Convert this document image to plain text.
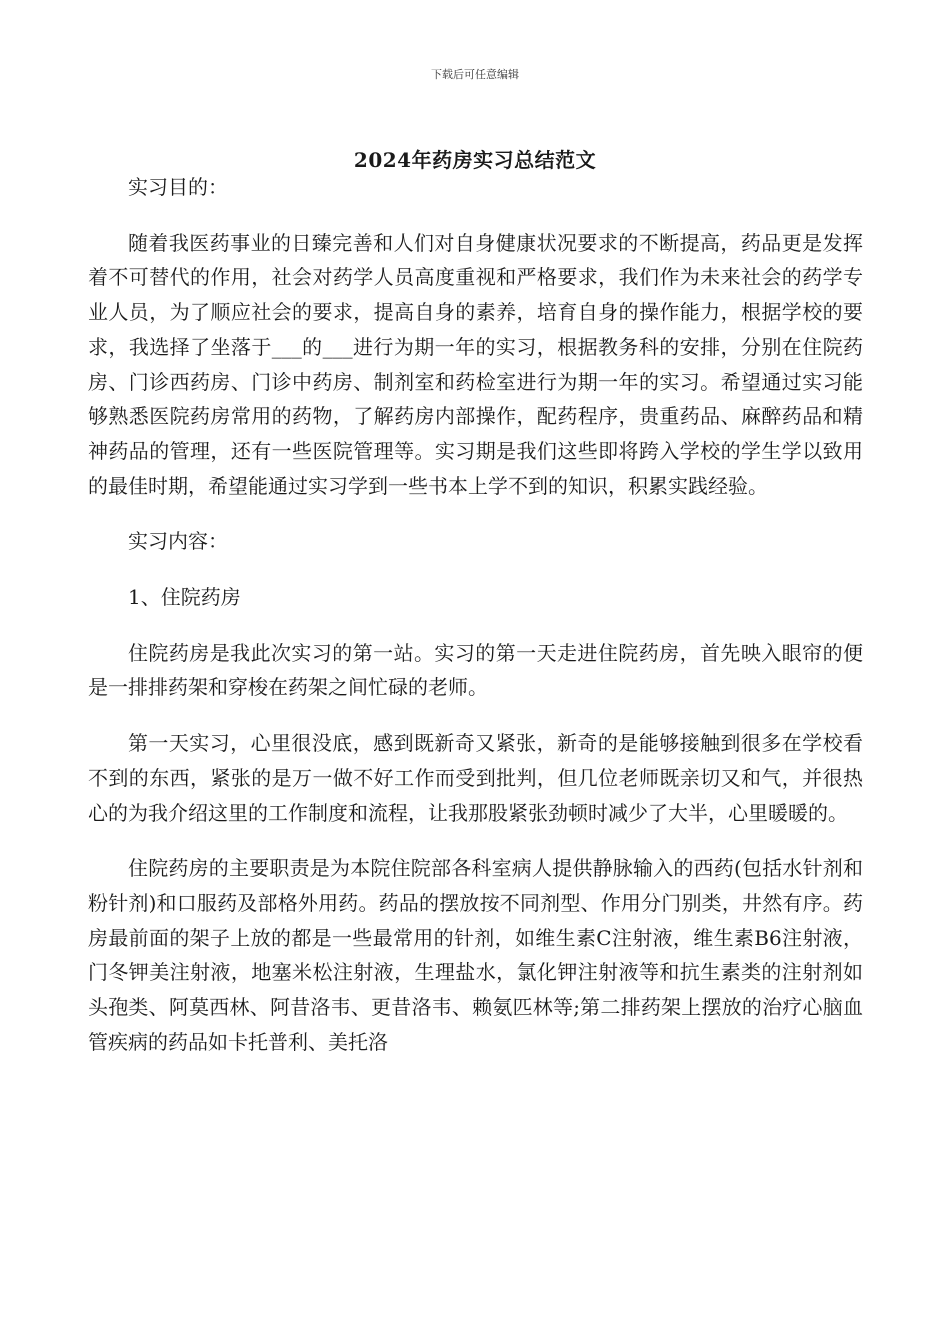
下载后可任意编辑
2024年药房实习总结范文

实习目的：

随着我医药事业的日臻完善和人们对自身健康状况要求的不断提高，药品更是发挥着不可替代的作用，社会对药学人员高度重视和严格要求，我们作为未来社会的药学专业人员，为了顺应社会的要求，提高自身的素养，培育自身的操作能力，根据学校的要求，我选择了坐落于___的___进行为期一年的实习，根据教务科的安排，分别在住院药房、门诊西药房、门诊中药房、制剂室和药检室进行为期一年的实习。希望通过实习能够熟悉医院药房常用的药物，了解药房内部操作，配药程序，贵重药品、麻醉药品和精神药品的管理，还有一些医院管理等。实习期是我们这些即将跨入学校的学生学以致用的最佳时期，希望能通过实习学到一些书本上学不到的知识，积累实践经验。

实习内容：

1、住院药房

住院药房是我此次实习的第一站。实习的第一天走进住院药房，首先映入眼帘的便是一排排药架和穿梭在药架之间忙碌的老师。

第一天实习，心里很没底，感到既新奇又紧张，新奇的是能够接触到很多在学校看不到的东西，紧张的是万一做不好工作而受到批判，但几位老师既亲切又和气，并很热心的为我介绍这里的工作制度和流程，让我那股紧张劲顿时减少了大半，心里暖暖的。

住院药房的主要职责是为本院住院部各科室病人提供静脉输入的西药(包括水针剂和粉针剂)和口服药及部格外用药。药品的摆放按不同剂型、作用分门别类，井然有序。药房最前面的架子上放的都是一些最常用的针剂，如维生素C注射液，维生素B6注射液，门冬钾美注射液，地塞米松注射液，生理盐水，氯化钾注射液等和抗生素类的注射剂如头孢类、阿莫西林、阿昔洛韦、更昔洛韦、赖氨匹林等;第二排药架上摆放的治疗心脑血管疾病的药品如卡托普利、美托洛
